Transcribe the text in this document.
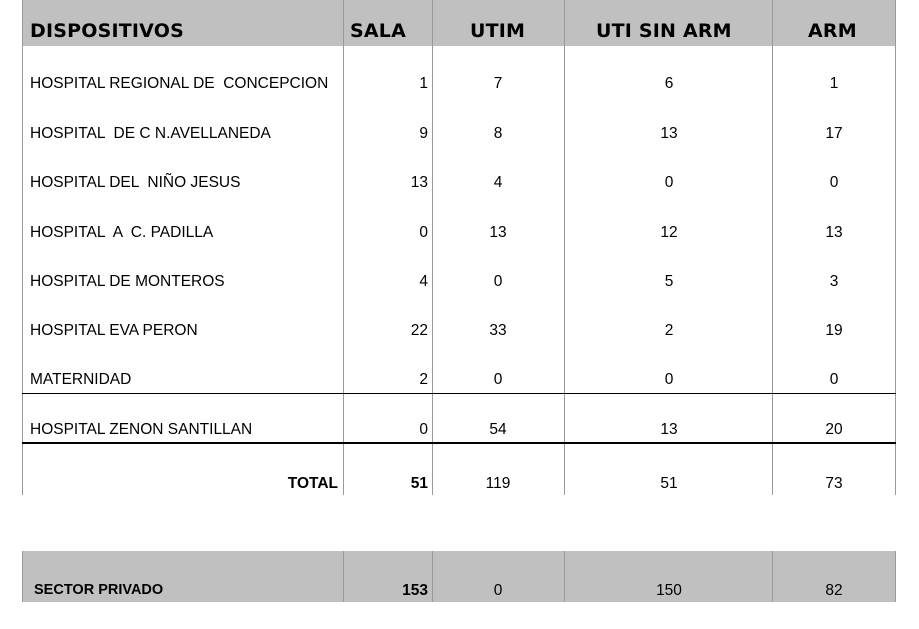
DISPOSITIVOS	SALA	UTIM	UTI SIN ARM	ARM
HOSPITAL REGIONAL DE  CONCEPCION	1	7	6	1
HOSPITAL  DE C N.AVELLANEDA	9	8	13	17
HOSPITAL DEL  NIÑO JESUS	13	4	0	0
HOSPITAL  A  C. PADILLA	0	13	12	13
HOSPITAL DE MONTEROS	4	0	5	3
HOSPITAL EVA PERON	22	33	2	19
MATERNIDAD	2	0	0	0
HOSPITAL ZENON SANTILLAN	0	54	13	20
TOTAL	51	119	51	73
SECTOR PRIVADO	153	0	150	82
